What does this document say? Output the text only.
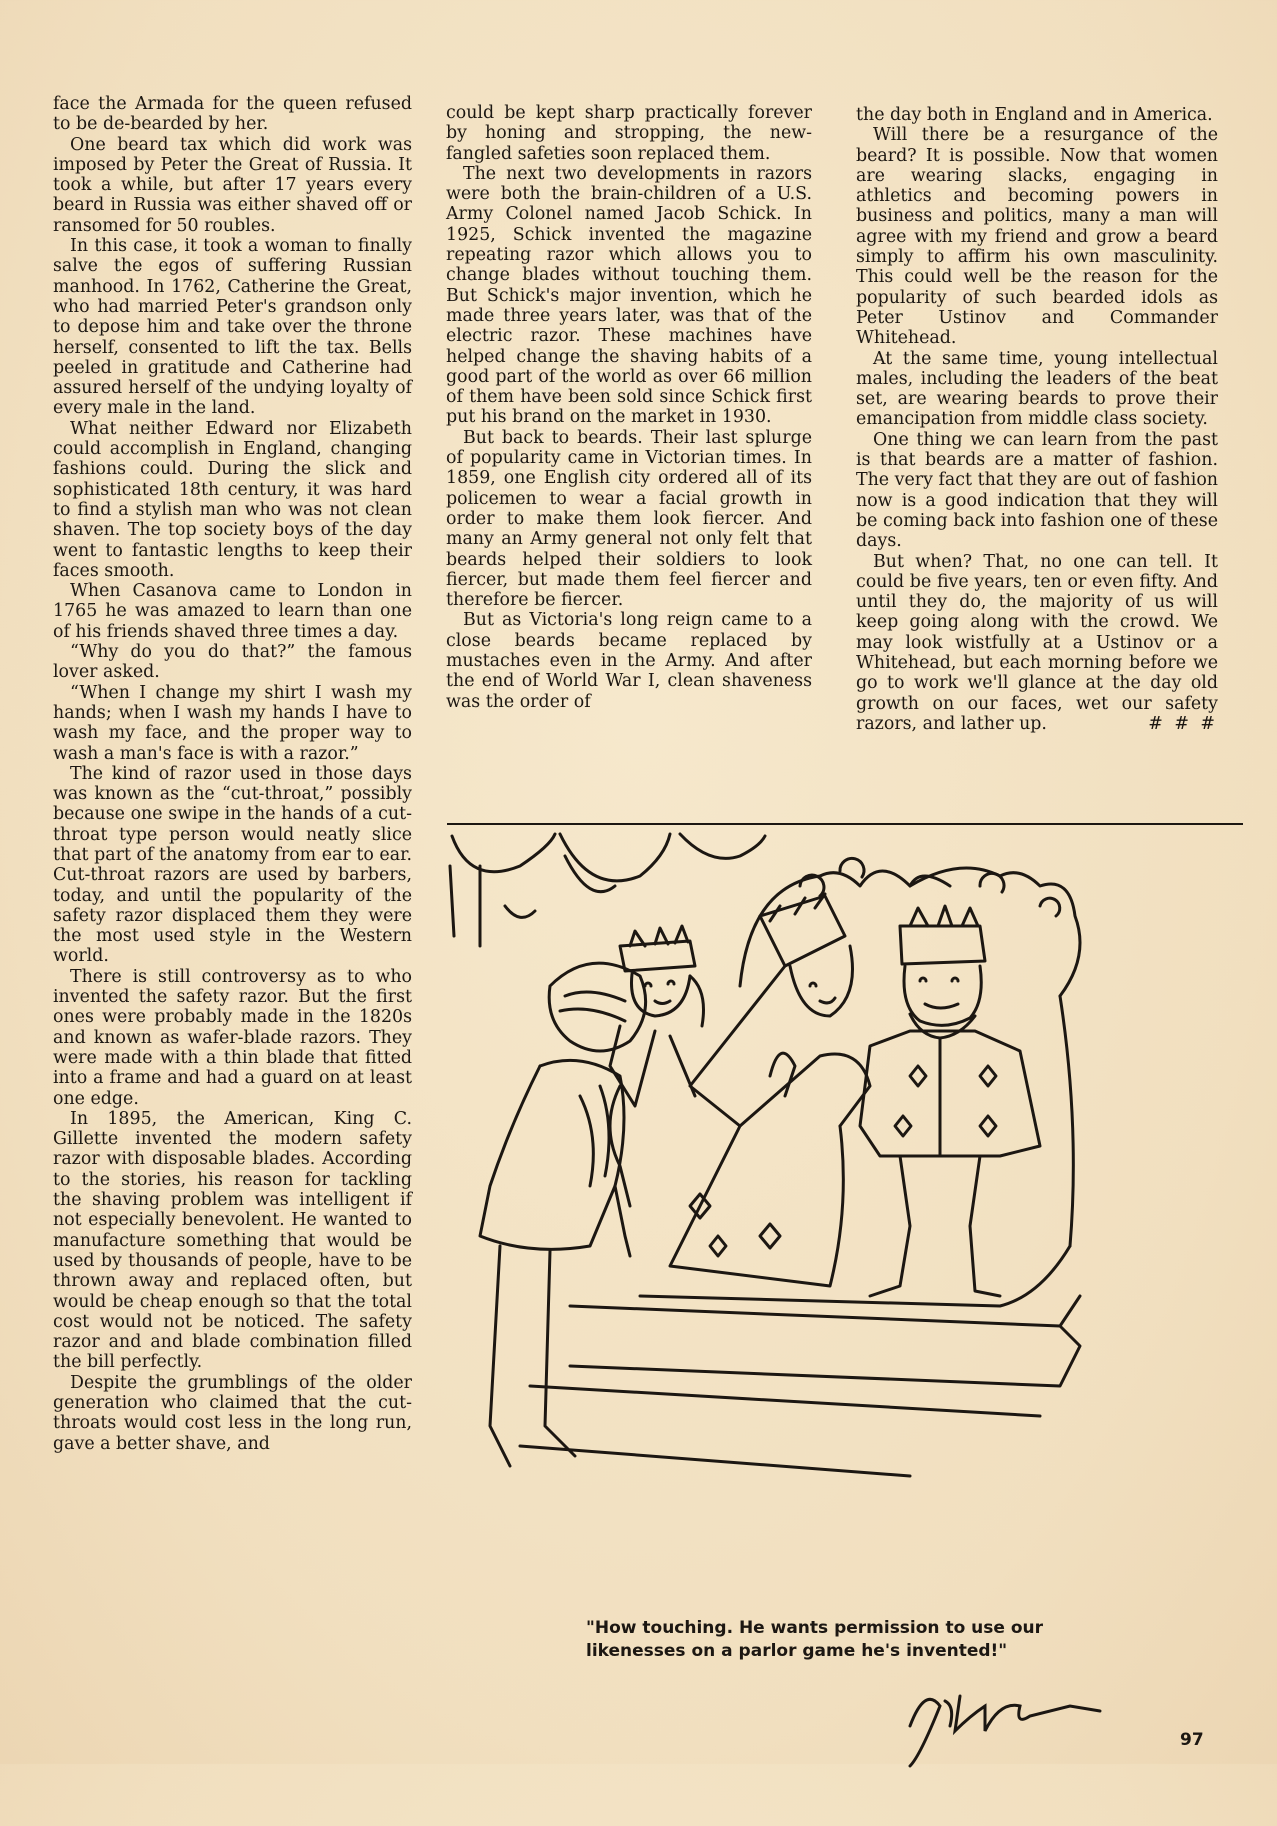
face the Armada for the queen refused to be de-bearded by her.

One beard tax which did work was imposed by Peter the Great of Russia. It took a while, but after 17 years every beard in Russia was either shaved off or ransomed for 50 roubles.

In this case, it took a woman to finally salve the egos of suffering Russian manhood. In 1762, Catherine the Great, who had married Peter's grandson only to depose him and take over the throne herself, consented to lift the tax. Bells peeled in gratitude and Catherine had assured herself of the undying loyalty of every male in the land.

What neither Edward nor Elizabeth could accomplish in England, changing fashions could. During the slick and sophisticated 18th century, it was hard to find a stylish man who was not clean shaven. The top society boys of the day went to fantastic lengths to keep their faces smooth.

When Casanova came to London in 1765 he was amazed to learn than one of his friends shaved three times a day.

“Why do you do that?” the famous lover asked.

“When I change my shirt I wash my hands; when I wash my hands I have to wash my face, and the proper way to wash a man's face is with a razor.”

The kind of razor used in those days was known as the “cut-throat,” possibly because one swipe in the hands of a cut-throat type person would neatly slice that part of the anatomy from ear to ear. Cut-throat razors are used by barbers, today, and until the popularity of the safety razor displaced them they were the most used style in the Western world.

There is still controversy as to who invented the safety razor. But the first ones were probably made in the 1820s and known as wafer-blade razors. They were made with a thin blade that fitted into a frame and had a guard on at least one edge.

In 1895, the American, King C. Gillette invented the modern safety razor with disposable blades. According to the stories, his reason for tackling the shaving problem was intelligent if not especially benevolent. He wanted to manufacture something that would be used by thousands of people, have to be thrown away and replaced often, but would be cheap enough so that the total cost would not be noticed. The safety razor and and blade combination filled the bill perfectly.

Despite the grumblings of the older generation who claimed that the cut-throats would cost less in the long run, gave a better shave, and

could be kept sharp practically forever by honing and stropping, the new-fangled safeties soon replaced them.

The next two developments in razors were both the brain-children of a U.S. Army Colonel named Jacob Schick. In 1925, Schick invented the magazine repeating razor which allows you to change blades without touching them. But Schick's major invention, which he made three years later, was that of the electric razor. These machines have helped change the shaving habits of a good part of the world as over 66 million of them have been sold since Schick first put his brand on the market in 1930.

But back to beards. Their last splurge of popularity came in Victorian times. In 1859, one English city ordered all of its policemen to wear a facial growth in order to make them look fiercer. And many an Army general not only felt that beards helped their soldiers to look fiercer, but made them feel fiercer and therefore be fiercer.

But as Victoria's long reign came to a close beards became replaced by mustaches even in the Army. And after the end of World War I, clean shaveness was the order of

the day both in England and in America.

Will there be a resurgance of the beard? It is possible. Now that women are wearing slacks, engaging in athletics and becoming powers in business and politics, many a man will agree with my friend and grow a beard simply to affirm his own masculinity. This could well be the reason for the popularity of such bearded idols as Peter Ustinov and Commander Whitehead.

At the same time, young intellectual males, including the leaders of the beat set, are wearing beards to prove their emancipation from middle class society.

One thing we can learn from the past is that beards are a matter of fashion. The very fact that they are out of fashion now is a good indication that they will be coming back into fashion one of these days.

But when? That, no one can tell. It could be five years, ten or even fifty. And until they do, the majority of us will keep going along with the crowd. We may look wistfully at a Ustinov or a Whitehead, but each morning before we go to work we'll glance at the day old growth on our faces, wet our safety razors, and lather up.	# # #

"How touching. He wants permission to use our likenesses on a parlor game he's invented!"
97
